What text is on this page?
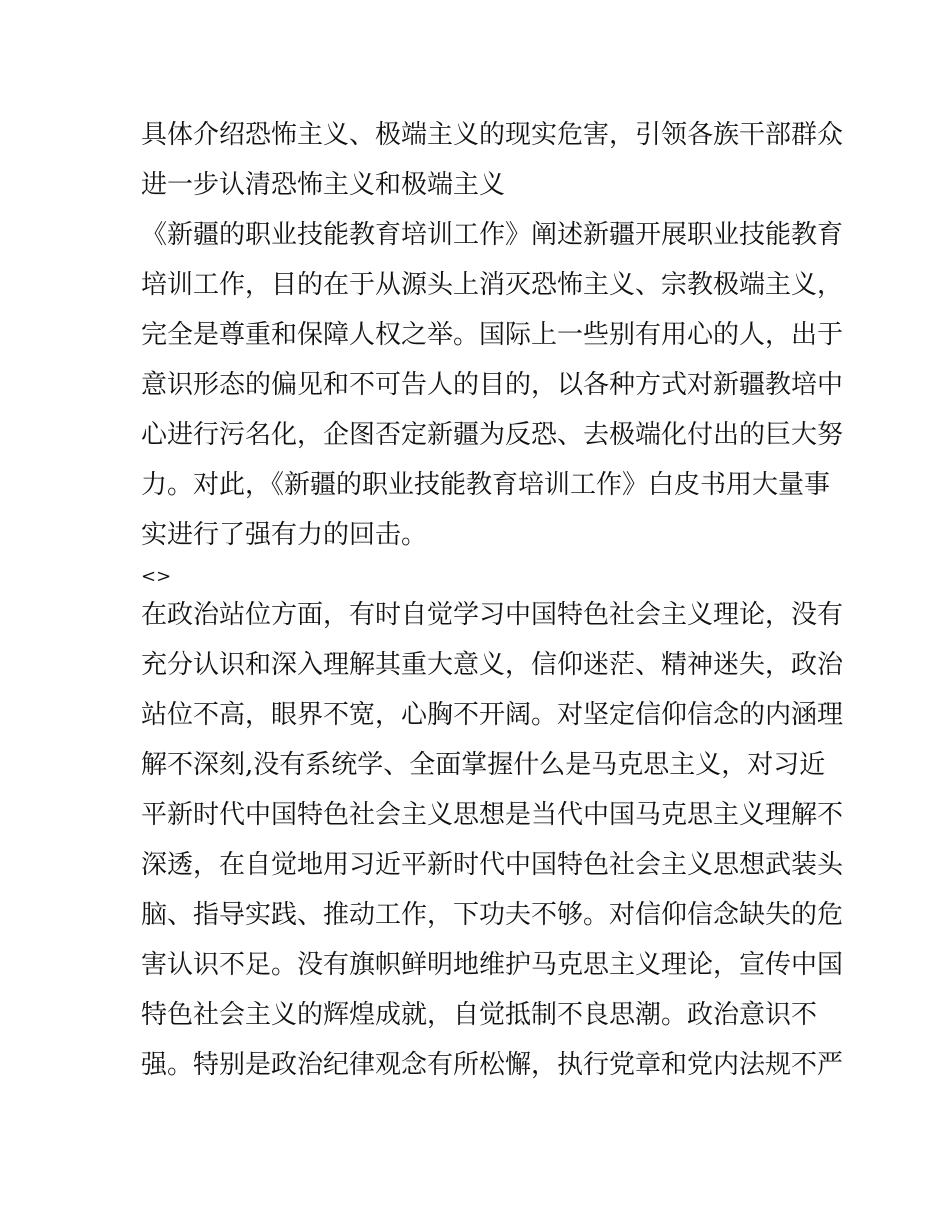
具体介绍恐怖主义、极端主义的现实危害，引领各族干部群众
进一步认清恐怖主义和极端主义
《新疆的职业技能教育培训工作》阐述新疆开展职业技能教育
培训工作，目的在于从源头上消灭恐怖主义、宗教极端主义，
完全是尊重和保障人权之举。国际上一些别有用心的人，出于
意识形态的偏见和不可告人的目的，以各种方式对新疆教培中
心进行污名化，企图否定新疆为反恐、去极端化付出的巨大努
力。对此，《新疆的职业技能教育培训工作》白皮书用大量事
实进行了强有力的回击。
<>
在政治站位方面，有时自觉学习中国特色社会主义理论，没有
充分认识和深入理解其重大意义，信仰迷茫、精神迷失，政治
站位不高，眼界不宽，心胸不开阔。对坚定信仰信念的内涵理
解不深刻,没有系统学、全面掌握什么是马克思主义，对习近
平新时代中国特色社会主义思想是当代中国马克思主义理解不
深透，在自觉地用习近平新时代中国特色社会主义思想武装头
脑、指导实践、推动工作，下功夫不够。对信仰信念缺失的危
害认识不足。没有旗帜鲜明地维护马克思主义理论，宣传中国
特色社会主义的辉煌成就，自觉抵制不良思潮。政治意识不
强。特别是政治纪律观念有所松懈，执行党章和党内法规不严
